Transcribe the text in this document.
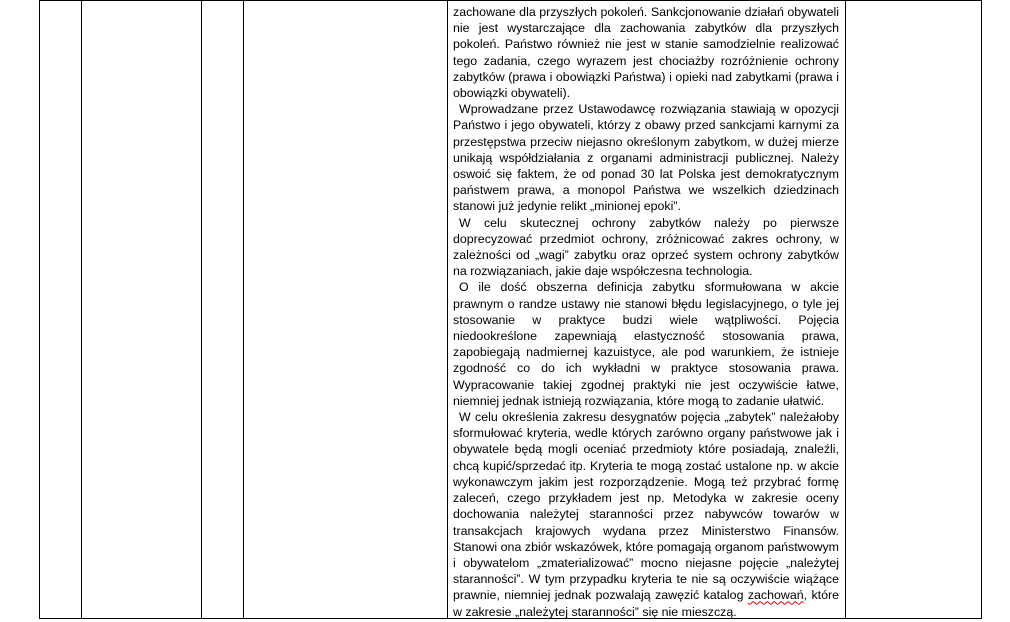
zachowane dla przyszłych pokoleń. Sankcjonowanie działań obywateli nie jest wystarczające dla zachowania zabytków dla przyszłych pokoleń. Państwo również nie jest w stanie samodzielnie realizować tego zadania, czego wyrazem jest chociażby rozróżnienie ochrony zabytków (prawa i obowiązki Państwa) i opieki nad zabytkami (prawa i obowiązki obywateli).

Wprowadzane przez Ustawodawcę rozwiązania stawiają w opozycji Państwo i jego obywateli, którzy z obawy przed sankcjami karnymi za przestępstwa przeciw niejasno określonym zabytkom, w dużej mierze unikają współdziałania z organami administracji publicznej. Należy oswoić się faktem, że od ponad 30 lat Polska jest demokratycznym państwem prawa, a monopol Państwa we wszelkich dziedzinach stanowi już jedynie relikt „minionej epoki”.

W celu skutecznej ochrony zabytków należy po pierwsze doprecyzować przedmiot ochrony, zróżnicować zakres ochrony, w zależności od „wagi” zabytku oraz oprzeć system ochrony zabytków na rozwiązaniach, jakie daje współczesna technologia.

O ile dość obszerna definicja zabytku sformułowana w akcie prawnym o randze ustawy nie stanowi błędu legislacyjnego, o tyle jej stosowanie w praktyce budzi wiele wątpliwości. Pojęcia niedookreślone zapewniają elastyczność stosowania prawa, zapobiegają nadmiernej kazuistyce, ale pod warunkiem, że istnieje zgodność co do ich wykładni w praktyce stosowania prawa. Wypracowanie takiej zgodnej praktyki nie jest oczywiście łatwe, niemniej jednak istnieją rozwiązania, które mogą to zadanie ułatwić.

W celu określenia zakresu desygnatów pojęcia „zabytek” należałoby sformułować kryteria, wedle których zarówno organy państwowe jak i obywatele będą mogli oceniać przedmioty które posiadają, znaleźli, chcą kupić/sprzedać itp. Kryteria te mogą zostać ustalone np. w akcie wykonawczym jakim jest rozporządzenie. Mogą też przybrać formę zaleceń, czego przykładem jest np. Metodyka w zakresie oceny dochowania należytej staranności przez nabywców towarów w transakcjach krajowych wydana przez Ministerstwo Finansów. Stanowi ona zbiór wskazówek, które pomagają organom państwowym i obywatelom „zmaterializować” mocno niejasne pojęcie „należytej staranności”. W tym przypadku kryteria te nie są oczywiście wiążące prawnie, niemniej jednak pozwalają zawęzić katalog zachowań, które w zakresie „należytej staranności” się nie mieszczą.
